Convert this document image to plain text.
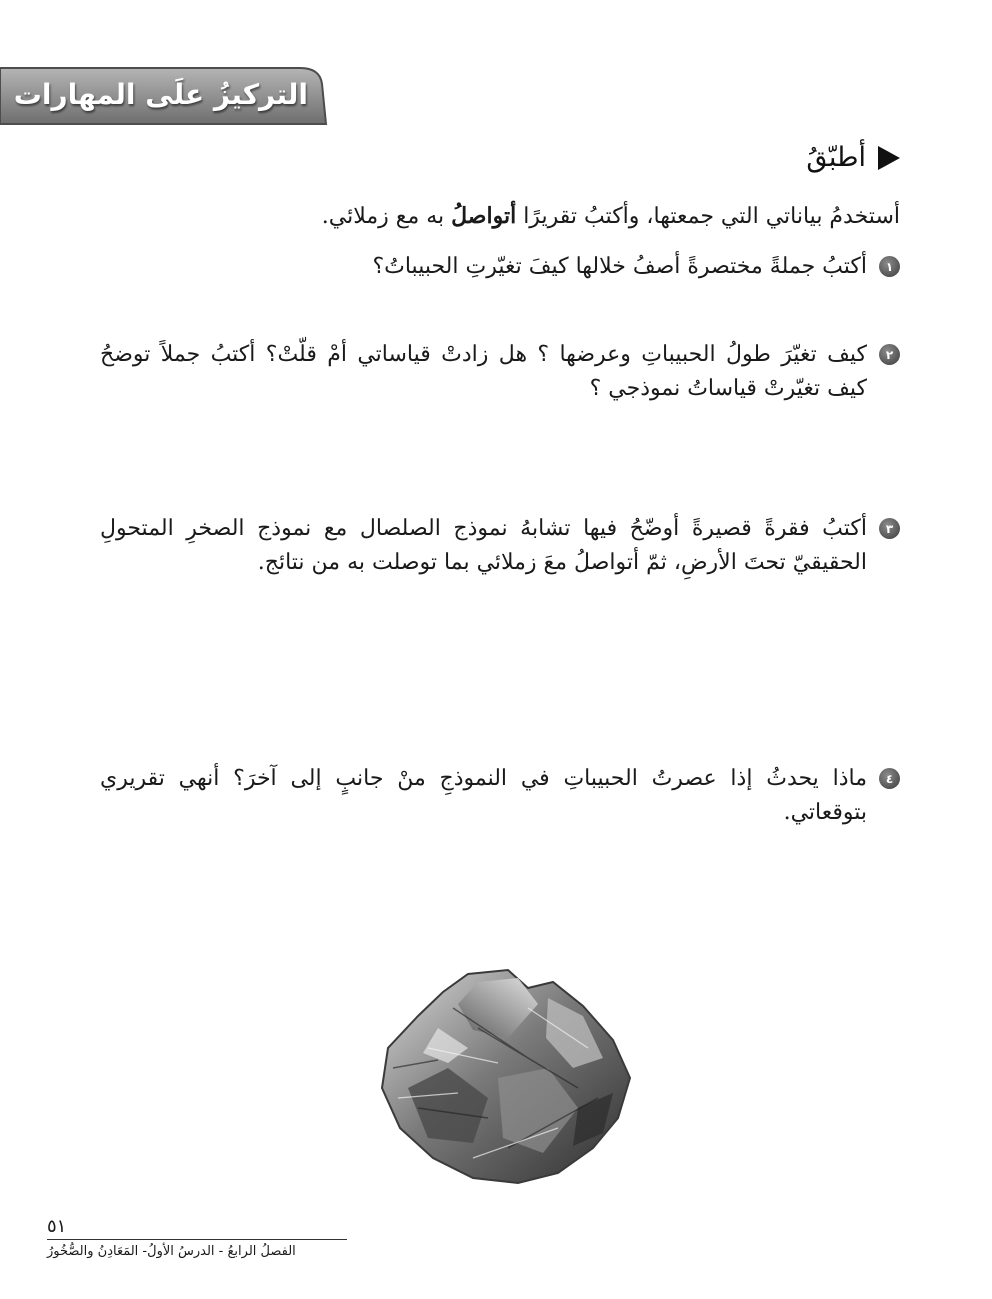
التركيزُ علَى المهارات
أطبّقُ
أستخدمُ بياناتي التي جمعتها، وأكتبُ تقريرًا أتواصلُ به مع زملائي.
١
أكتبُ جملةً مختصرةً أصفُ خلالها كيفَ تغيّرتِ الحبيباتُ؟
٢
كيف تغيّرَ طولُ الحبيباتِ وعرضها ؟ هل زادتْ قياساتي أمْ قلّتْ؟ أكتبُ جملاً توضحُ كيف تغيّرتْ قياساتُ نموذجي ؟
٣
أكتبُ فقرةً قصيرةً أوضّحُ فيها تشابهُ نموذج الصلصال مع نموذج الصخرِ المتحولِ الحقيقيّ تحتَ الأرضِ، ثمّ أتواصلُ معَ زملائي بما توصلت به من نتائج.
٤
ماذا يحدثُ إذا عصرتُ الحبيباتِ في النموذجِ منْ جانبٍ إلى آخرَ؟ أنهي تقريري بتوقعاتي.
٥١
الفصلُ الرابعُ - الدرسُ الأولُ- المَعَادِنُ والصُّخُورُ
